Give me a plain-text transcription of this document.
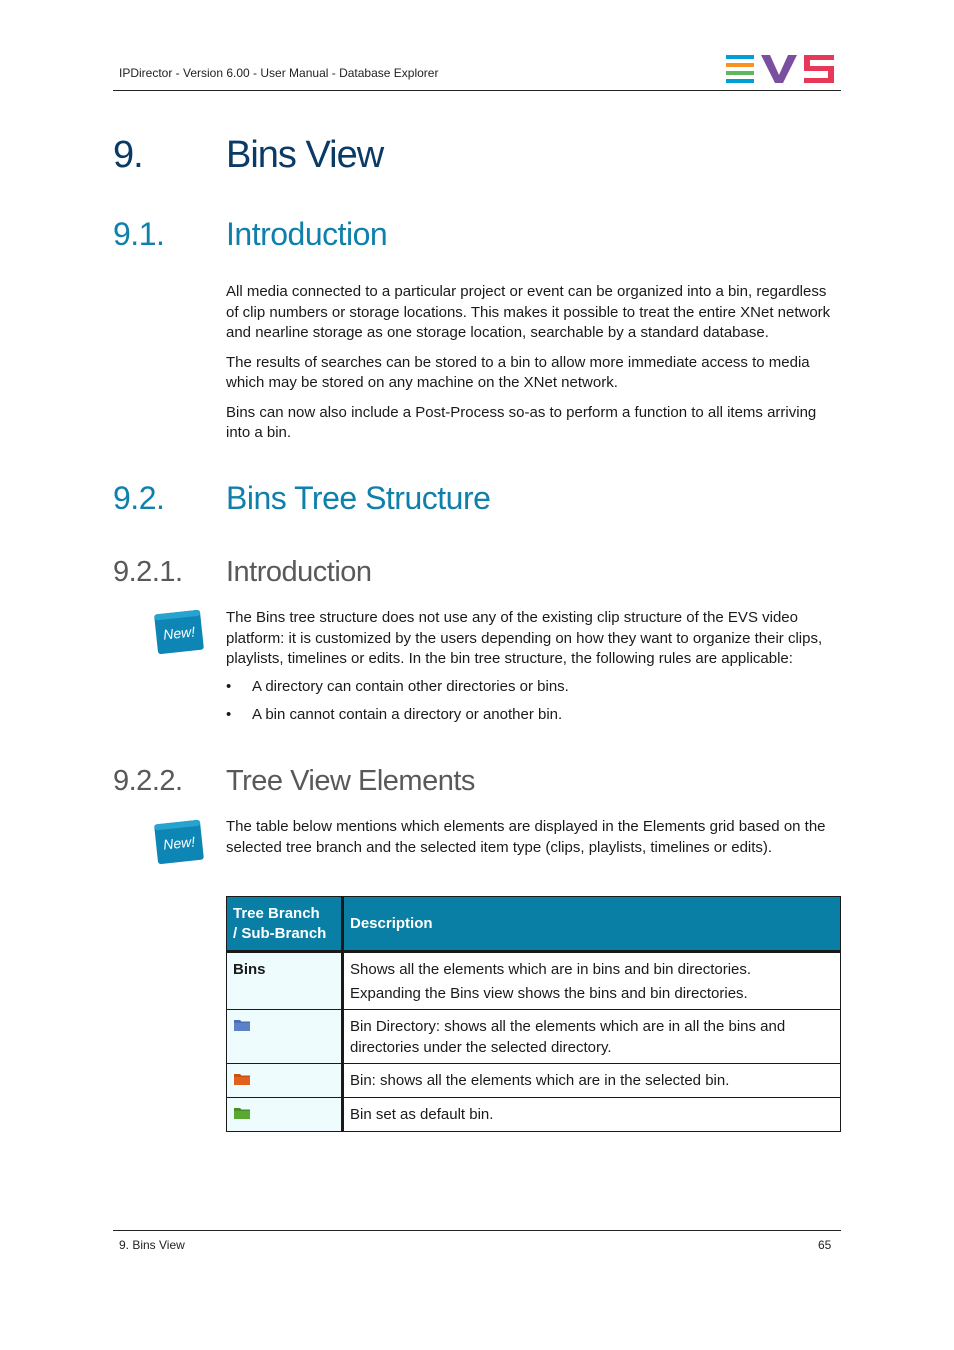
IPDirector - Version 6.00 - User Manual - Database Explorer
9. Bins View
9.1. Introduction

All media connected to a particular project or event can be organized into a bin, regardless of clip numbers or storage locations. This makes it possible to treat the entire XNet network and nearline storage as one storage location, searchable by a standard database.

The results of searches can be stored to a bin to allow more immediate access to media which may be stored on any machine on the XNet network.

Bins can now also include a Post-Process so-as to perform a function to all items arriving into a bin.

9.2. Bins Tree Structure
9.2.1. Introduction
New!
The Bins tree structure does not use any of the existing clip structure of the EVS video platform: it is customized by the users depending on how they want to organize their clips, playlists, timelines or edits. In the bin tree structure, the following rules are applicable:
• A directory can contain other directories or bins.
• A bin cannot contain a directory or another bin.
9.2.2. Tree View Elements
New!
The table below mentions which elements are displayed in the Elements grid based on the selected tree branch and the selected item type (clips, playlists, timelines or edits).
Tree Branch
/ Sub-Branch	Description
Bins	Shows all the elements which are in bins and bin directories.
Expanding the Bins view shows the bins and bin directories.

	Bin Directory: shows all the elements which are in all the bins and directories under the selected directory.
	Bin: shows all the elements which are in the selected bin.
	Bin set as default bin.
9. Bins View	65
